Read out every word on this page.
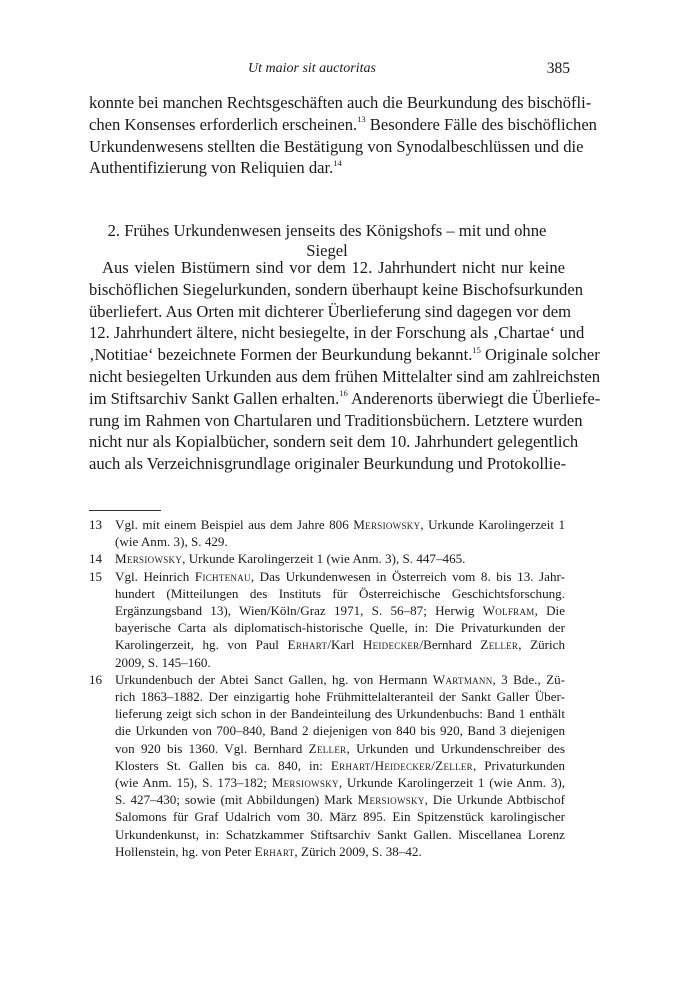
Ut maior sit auctoritas	385
konnte bei manchen Rechtsgeschäften auch die Beurkundung des bischöfli-
chen Konsenses erforderlich erscheinen.$^{13}$ Besondere Fälle des bischöflichen
Urkundenwesens stellten die Bestätigung von Synodalbeschlüssen und die
Authentifizierung von Reliquien dar.$^{14}$
2. Frühes Urkundenwesen jenseits des Königshofs – mit und ohne Siegel
Aus vielen Bistümern sind vor dem 12. Jahrhundert nicht nur keine
bischöflichen Siegelurkunden, sondern überhaupt keine Bischofsurkunden
überliefert. Aus Orten mit dichterer Überlieferung sind dagegen vor dem
12. Jahrhundert ältere, nicht besiegelte, in der Forschung als ‚Chartae‘ und
‚Notitiae‘ bezeichnete Formen der Beurkundung bekannt.$^{15}$ Originale solcher
nicht besiegelten Urkunden aus dem frühen Mittelalter sind am zahlreichsten
im Stiftsarchiv Sankt Gallen erhalten.$^{16}$ Anderenorts überwiegt die Überliefe-
rung im Rahmen von Chartularen und Traditionsbüchern. Letztere wurden
nicht nur als Kopialbücher, sondern seit dem 10. Jahrhundert gelegentlich
auch als Verzeichnisgrundlage originaler Beurkundung und Protokollie-
13 Vgl. mit einem Beispiel aus dem Jahre 806 Mersiowsky, Urkunde Karolingerzeit 1
(wie Anm. 3), S. 429.
14 Mersiowsky, Urkunde Karolingerzeit 1 (wie Anm. 3), S. 447–465.
15 Vgl. Heinrich Fichtenau, Das Urkundenwesen in Österreich vom 8. bis 13. Jahr-
hundert (Mitteilungen des Instituts für Österreichische Geschichtsforschung.
Ergänzungsband 13), Wien/Köln/Graz 1971, S. 56–87; Herwig Wolfram, Die
bayerische Carta als diplomatisch-historische Quelle, in: Die Privaturkunden der
Karolingerzeit, hg. von Paul Erhart/Karl Heidecker/Bernhard Zeller, Zürich
2009, S. 145–160.
16 Urkundenbuch der Abtei Sanct Gallen, hg. von Hermann Wartmann, 3 Bde., Zü-
rich 1863–1882. Der einzigartig hohe Frühmittelalteranteil der Sankt Galler Über-
lieferung zeigt sich schon in der Bandeinteilung des Urkundenbuchs: Band 1 enthält
die Urkunden von 700–840, Band 2 diejenigen von 840 bis 920, Band 3 diejenigen
von 920 bis 1360. Vgl. Bernhard Zeller, Urkunden und Urkundenschreiber des
Klosters St. Gallen bis ca. 840, in: Erhart/Heidecker/Zeller, Privaturkunden
(wie Anm. 15), S. 173–182; Mersiowsky, Urkunde Karolingerzeit 1 (wie Anm. 3),
S. 427–430; sowie (mit Abbildungen) Mark Mersiowsky, Die Urkunde Abtbischof
Salomons für Graf Udalrich vom 30. März 895. Ein Spitzenstück karolingischer
Urkundenkunst, in: Schatzkammer Stiftsarchiv Sankt Gallen. Miscellanea Lorenz
Hollenstein, hg. von Peter Erhart, Zürich 2009, S. 38–42.
